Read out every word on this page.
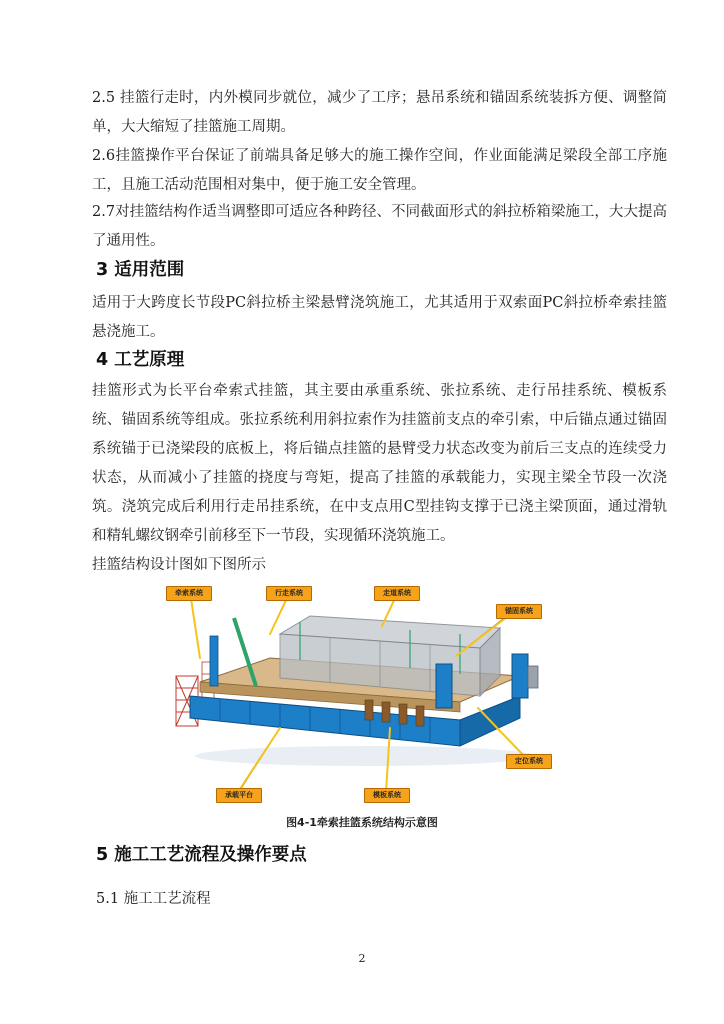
2.5 挂篮行走时，内外模同步就位，减少了工序；悬吊系统和锚固系统装拆方便、调整简单，大大缩短了挂篮施工周期。

2.6挂篮操作平台保证了前端具备足够大的施工操作空间，作业面能满足梁段全部工序施工，且施工活动范围相对集中，便于施工安全管理。

2.7对挂篮结构作适当调整即可适应各种跨径、不同截面形式的斜拉桥箱梁施工，大大提高了通用性。

3 适用范围

适用于大跨度长节段PC斜拉桥主梁悬臂浇筑施工，尤其适用于双索面PC斜拉桥牵索挂篮悬浇施工。

4 工艺原理

挂篮形式为长平台牵索式挂篮，其主要由承重系统、张拉系统、走行吊挂系统、模板系统、锚固系统等组成。张拉系统利用斜拉索作为挂篮前支点的牵引索，中后锚点通过锚固系统锚于已浇梁段的底板上，将后锚点挂篮的悬臂受力状态改变为前后三支点的连续受力状态，从而减小了挂篮的挠度与弯矩，提高了挂篮的承载能力，实现主梁全节段一次浇筑。浇筑完成后利用行走吊挂系统，在中支点用C型挂钩支撑于已浇主梁顶面，通过滑轨和精轧螺纹钢牵引前移至下一节段，实现循环浇筑施工。

挂篮结构设计图如下图所示

牵索系统	行走系统	走道系统
锚固系统
定位系统
承载平台	模板系统
图4-1牵索挂篮系统结构示意图
5 施工工艺流程及操作要点

5.1 施工工艺流程

2
